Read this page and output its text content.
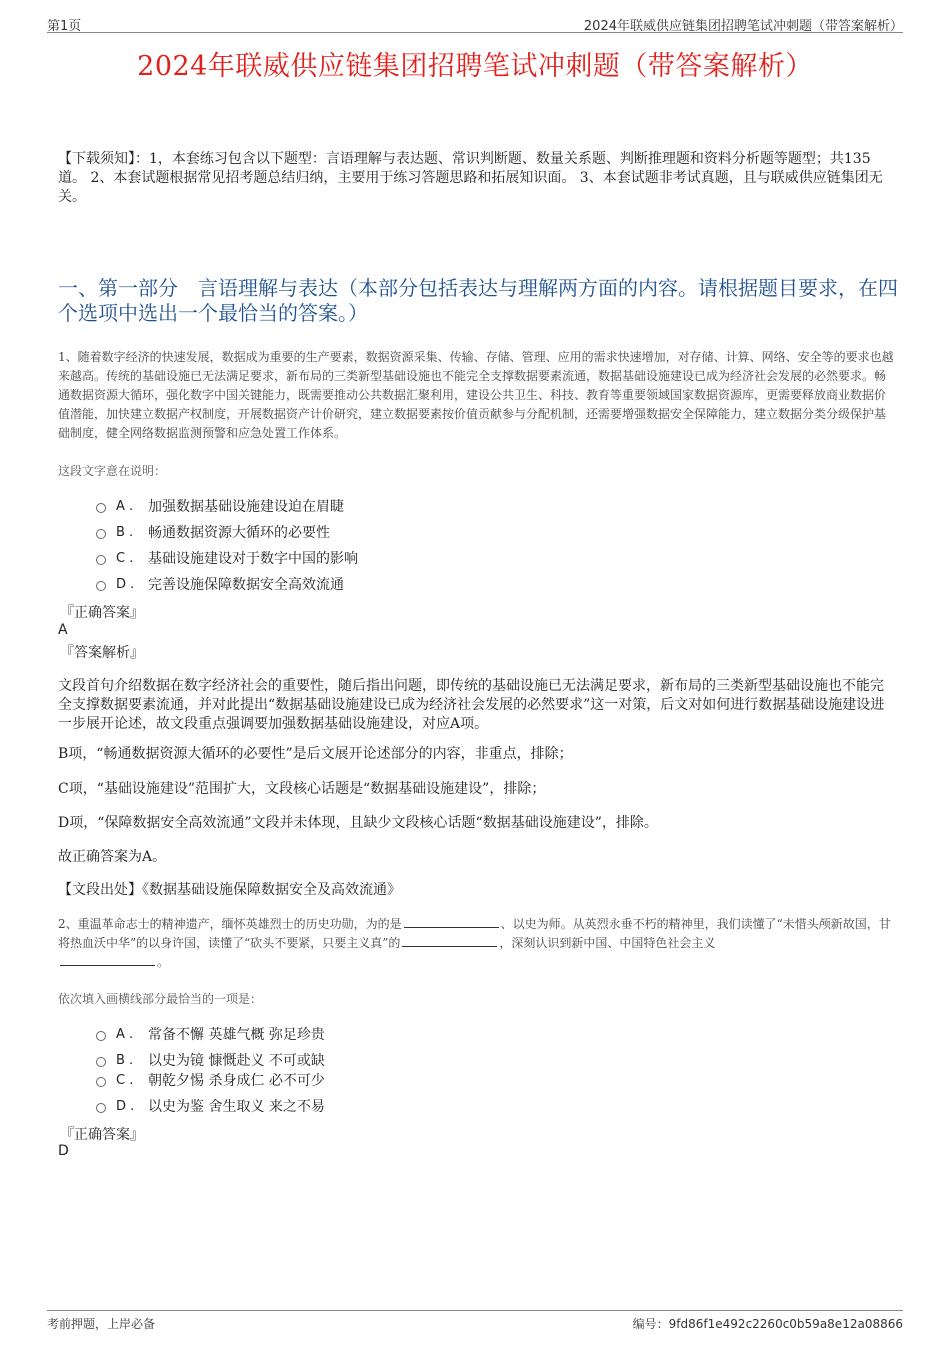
第1页	2024年联威供应链集团招聘笔试冲刺题（带答案解析）
2024年联威供应链集团招聘笔试冲刺题（带答案解析）
【下载须知】：1，本套练习包含以下题型：言语理解与表达题、常识判断题、数量关系题、判断推理题和资料分析题等题型；共135道。 2、本套试题根据常见招考题总结归纳，主要用于练习答题思路和拓展知识面。 3、本套试题非考试真题，且与联威供应链集团无关。
一、第一部分　言语理解与表达（本部分包括表达与理解两方面的内容。请根据题目要求，在四个选项中选出一个最恰当的答案。）
1、随着数字经济的快速发展，数据成为重要的生产要素，数据资源采集、传输、存储、管理、应用的需求快速增加，对存储、计算、网络、安全等的要求也越来越高。传统的基础设施已无法满足要求，新布局的三类新型基础设施也不能完全支撑数据要素流通，数据基础设施建设已成为经济社会发展的必然要求。畅通数据资源大循环，强化数字中国关键能力，既需要推动公共数据汇聚利用，建设公共卫生、科技、教育等重要领域国家数据资源库，更需要释放商业数据价值潜能，加快建立数据产权制度，开展数据资产计价研究，建立数据要素按价值贡献参与分配机制，还需要增强数据安全保障能力，建立数据分类分级保护基础制度，健全网络数据监测预警和应急处置工作体系。
这段文字意在说明：
A .	加强数据基础设施建设迫在眉睫
B .	畅通数据资源大循环的必要性
C .	基础设施建设对于数字中国的影响
D . 完善设施保障数据安全高效流通
『正确答案』
A
『答案解析』
文段首句介绍数据在数字经济社会的重要性，随后指出问题，即传统的基础设施已无法满足要求，新布局的三类新型基础设施也不能完全支撑数据要素流通，并对此提出“数据基础设施建设已成为经济社会发展的必然要求”这一对策，后文对如何进行数据基础设施建设进一步展开论述，故文段重点强调要加强数据基础设施建设，对应A项。
B项，“畅通数据资源大循环的必要性”是后文展开论述部分的内容，非重点，排除；
C项，“基础设施建设”范围扩大，文段核心话题是“数据基础设施建设”，排除；
D项，“保障数据安全高效流通”文段并未体现，且缺少文段核心话题“数据基础设施建设”，排除。
故正确答案为A。
【文段出处】《数据基础设施保障数据安全及高效流通》
2、重温革命志士的精神遗产，缅怀英雄烈士的历史功勋，为的是	、以史为师。从英烈永垂不朽的精神里，我们读懂了“未惜头颅新故国，甘将热血沃中华”的以身许国，读懂了“砍头不要紧，只要主义真”的	，深刻认识到新中国、中国特色社会主义
。
依次填入画横线部分最恰当的一项是：
A .	常备不懈 英雄气概 弥足珍贵
B .	以史为镜 慷慨赴义 不可或缺
C .	朝乾夕惕 杀身成仁 必不可少
D . 以史为鉴 舍生取义 来之不易
『正确答案』
D
考前押题，上岸必备	编号：9fd86f1e492c2260c0b59a8e12a08866
